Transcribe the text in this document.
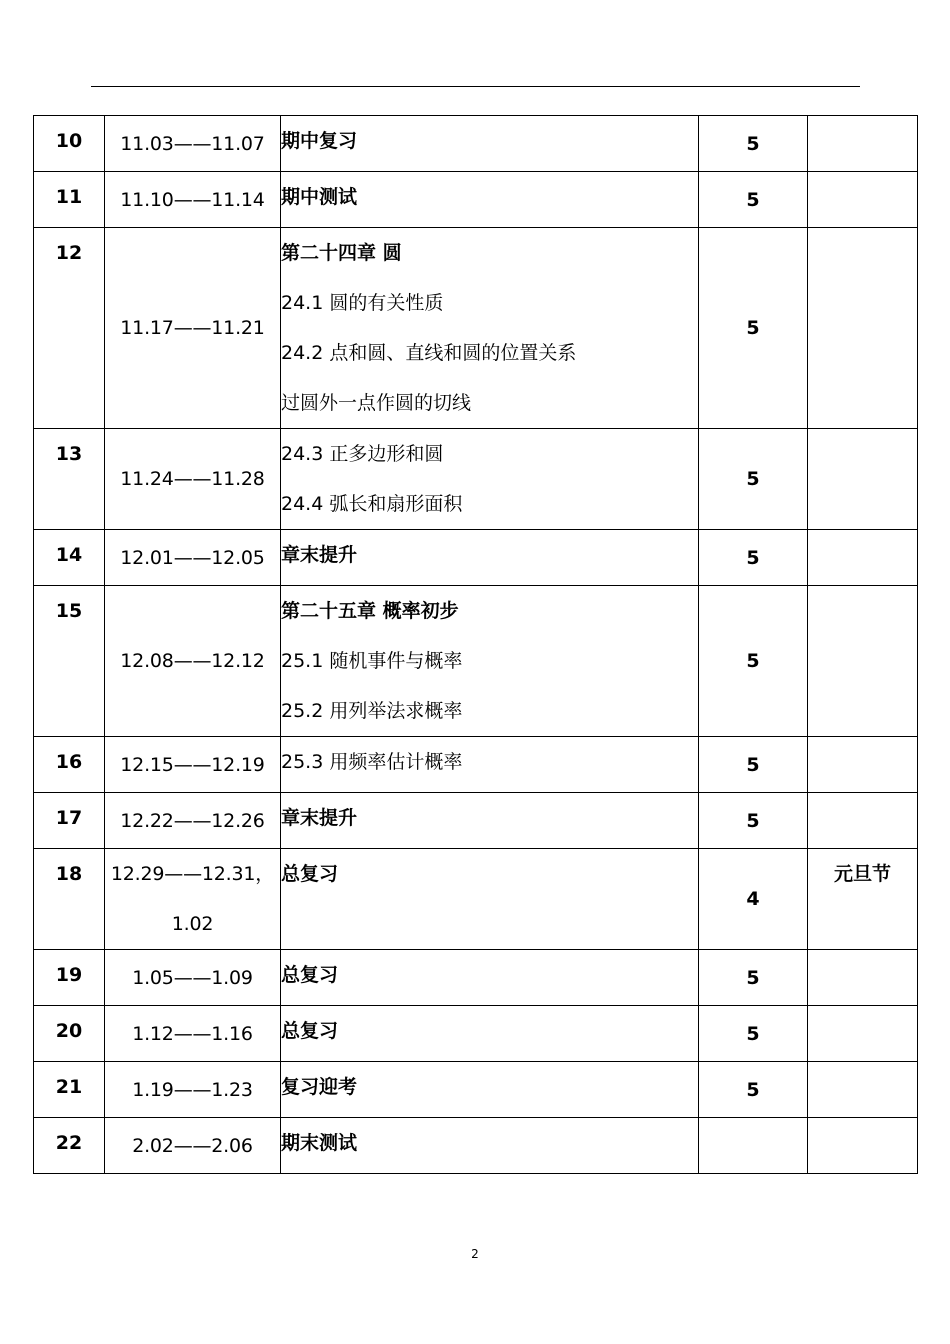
10	11.03——11.07	期中复习	5	
11	11.10——11.14	期中测试	5	
12	11.17——11.21	第二十四章 圆
24.1 圆的有关性质
24.2 点和圆、直线和圆的位置关系
过圆外一点作圆的切线	5	
13	11.24——11.28	24.3 正多边形和圆
24.4 弧长和扇形面积	5	
14	12.01——12.05	章末提升	5	
15	12.08——12.12	第二十五章 概率初步
25.1 随机事件与概率
25.2 用列举法求概率	5	
16	12.15——12.19	25.3 用频率估计概率	5	
17	12.22——12.26	章末提升	5	
18	12.29——12.31，
1.02	总复习	4	元旦节
19	1.05——1.09	总复习	5	
20	1.12——1.16	总复习	5	
21	1.19——1.23	复习迎考	5	
22	2.02——2.06	期末测试		

2
